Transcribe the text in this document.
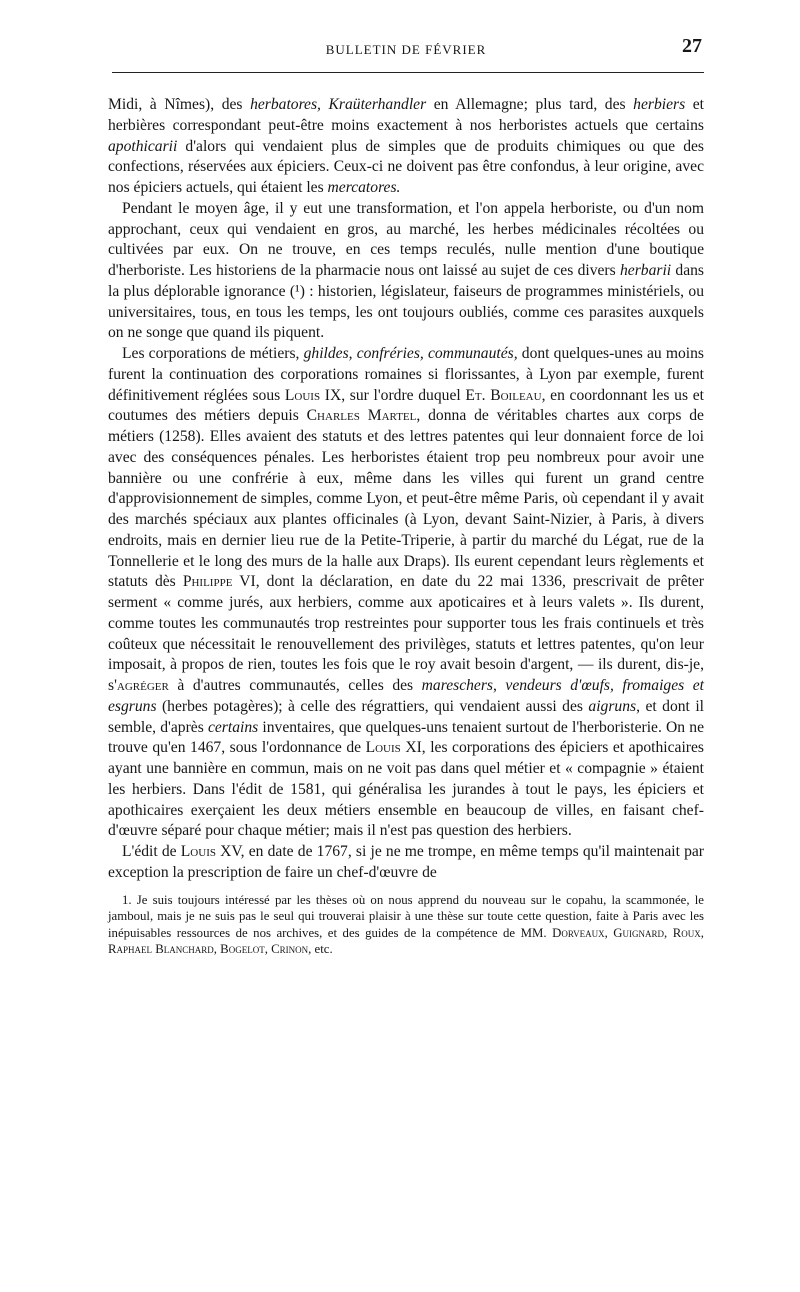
BULLETIN DE FÉVRIER	27

Midi, à Nîmes), des herbatores, Kraüterhandler en Allemagne; plus tard, des herbiers et herbières correspondant peut-être moins exactement à nos herboristes actuels que certains apothicarii d'alors qui vendaient plus de simples que de produits chimiques ou que des confections, réservées aux épiciers. Ceux-ci ne doivent pas être confondus, à leur origine, avec nos épiciers actuels, qui étaient les mercatores.

Pendant le moyen âge, il y eut une transformation, et l'on appela herboriste, ou d'un nom approchant, ceux qui vendaient en gros, au marché, les herbes médicinales récoltées ou cultivées par eux. On ne trouve, en ces temps reculés, nulle mention d'une boutique d'herboriste. Les historiens de la pharmacie nous ont laissé au sujet de ces divers herbarii dans la plus déplorable ignorance (¹) : historien, législateur, faiseurs de programmes ministériels, ou universitaires, tous, en tous les temps, les ont toujours oubliés, comme ces parasites auxquels on ne songe que quand ils piquent.

Les corporations de métiers, ghildes, confréries, communautés, dont quelques-unes au moins furent la continuation des corporations romaines si florissantes, à Lyon par exemple, furent définitivement réglées sous Louis IX, sur l'ordre duquel Et. Boileau, en coordonnant les us et coutumes des métiers depuis Charles Martel, donna de véritables chartes aux corps de métiers (1258). Elles avaient des statuts et des lettres patentes qui leur donnaient force de loi avec des conséquences pénales. Les herboristes étaient trop peu nombreux pour avoir une bannière ou une confrérie à eux, même dans les villes qui furent un grand centre d'approvisionnement de simples, comme Lyon, et peut-être même Paris, où cependant il y avait des marchés spéciaux aux plantes officinales (à Lyon, devant Saint-Nizier, à Paris, à divers endroits, mais en dernier lieu rue de la Petite-Triperie, à partir du marché du Légat, rue de la Tonnellerie et le long des murs de la halle aux Draps). Ils eurent cependant leurs règlements et statuts dès Philippe VI, dont la déclaration, en date du 22 mai 1336, prescrivait de prêter serment « comme jurés, aux herbiers, comme aux apoticaires et à leurs valets ». Ils durent, comme toutes les communautés trop restreintes pour supporter tous les frais continuels et très coûteux que nécessitait le renouvellement des privilèges, statuts et lettres patentes, qu'on leur imposait, à propos de rien, toutes les fois que le roy avait besoin d'argent, — ils durent, dis-je, s'agréger à d'autres communautés, celles des mareschers, vendeurs d'œufs, fromaiges et esgruns (herbes potagères); à celle des régrattiers, qui vendaient aussi des aigruns, et dont il semble, d'après certains inventaires, que quelques-uns tenaient surtout de l'herboristerie. On ne trouve qu'en 1467, sous l'ordonnance de Louis XI, les corporations des épiciers et apothicaires ayant une bannière en commun, mais on ne voit pas dans quel métier et « compagnie » étaient les herbiers. Dans l'édit de 1581, qui généralisa les jurandes à tout le pays, les épiciers et apothicaires exerçaient les deux métiers ensemble en beaucoup de villes, en faisant chef-d'œuvre séparé pour chaque métier; mais il n'est pas question des herbiers.

L'édit de Louis XV, en date de 1767, si je ne me trompe, en même temps qu'il maintenait par exception la prescription de faire un chef-d'œuvre de

1. Je suis toujours intéressé par les thèses où on nous apprend du nouveau sur le copahu, la scammonée, le jamboul, mais je ne suis pas le seul qui trouverai plaisir à une thèse sur toute cette question, faite à Paris avec les inépuisables ressources de nos archives, et des guides de la compétence de MM. Dorveaux, Guignard, Roux, Raphael Blanchard, Bogelot, Crinon, etc.
